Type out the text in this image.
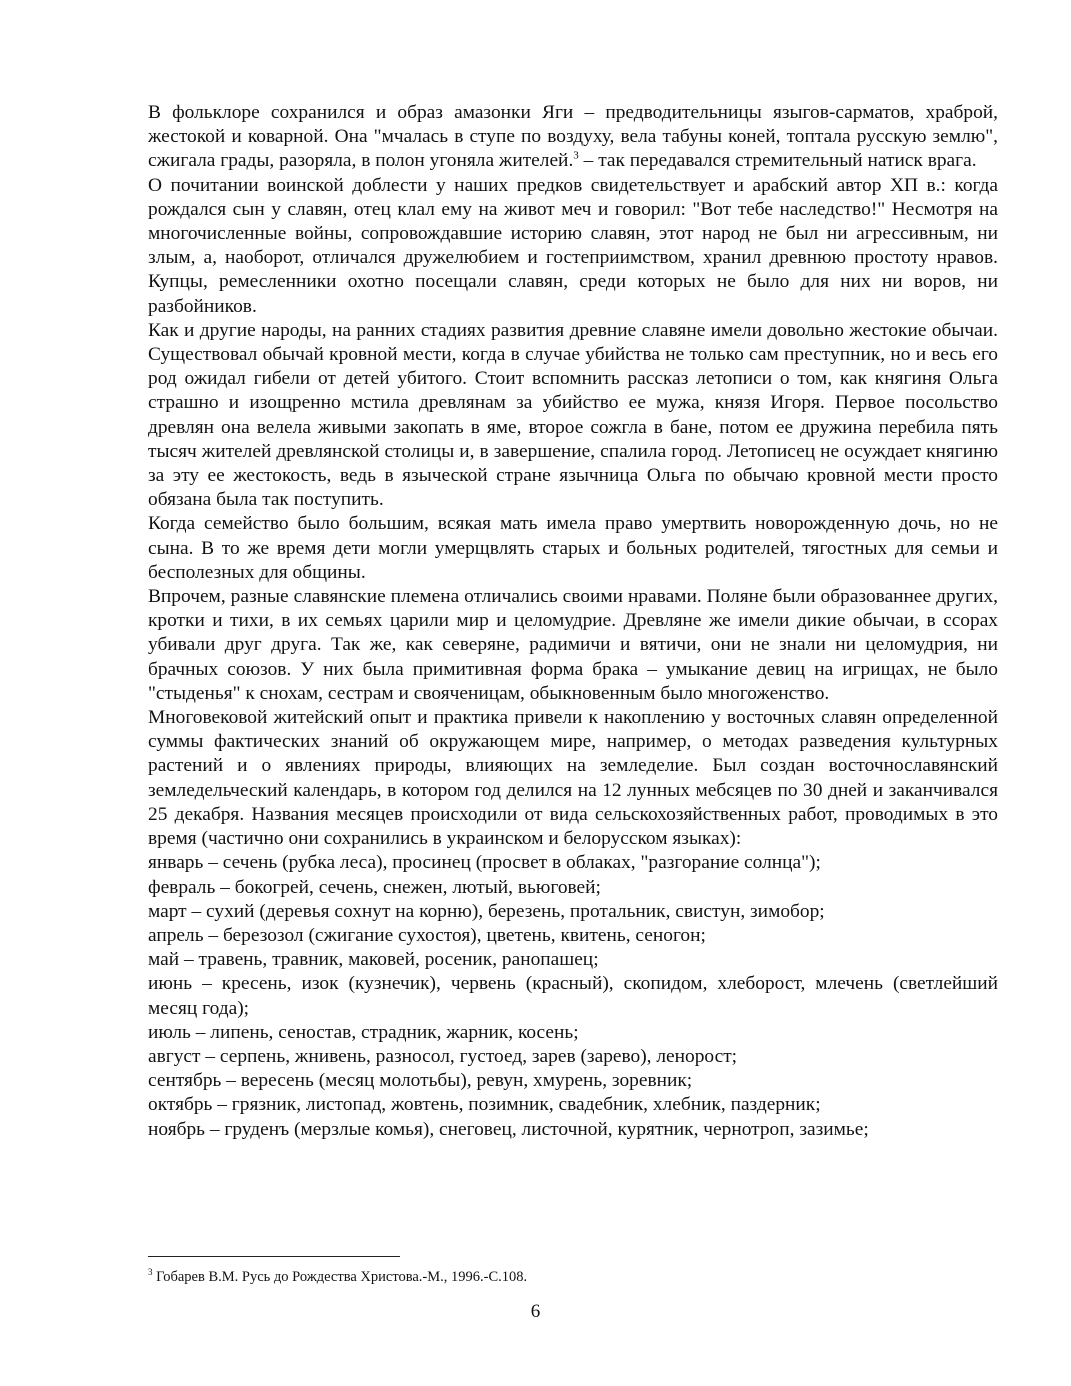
В фольклоре сохранился и образ амазонки Яги – предводительницы языгов-сарматов, храброй, жестокой и коварной. Она "мчалась в ступе по воздуху, вела табуны коней, топтала русскую землю", сжигала грады, разоряла, в полон угоняла жителей.$^3$ – так передавался стремительный натиск врага.

О почитании воинской доблести у наших предков свидетельствует и арабский автор ХП в.: когда рождался сын у славян, отец клал ему на живот меч и говорил: "Вот тебе наследство!" Несмотря на многочисленные войны, сопровождавшие историю славян, этот народ не был ни агрессивным, ни злым, а, наоборот, отличался дружелюбием и гостеприимством, хранил древнюю простоту нравов. Купцы, ремесленники охотно посещали славян, среди которых не было для них ни воров, ни разбойников.

Как и другие народы, на ранних стадиях развития древние славяне имели довольно жестокие обычаи. Существовал обычай кровной мести, когда в случае убийства не только сам преступник, но и весь его род ожидал гибели от детей убитого. Стоит вспомнить рассказ летописи о том, как княгиня Ольга страшно и изощренно мстила древлянам за убийство ее мужа, князя Игоря. Первое посольство древлян она велела живыми закопать в яме, второе сожгла в бане, потом ее дружина перебила пять тысяч жителей древлянской столицы и, в завершение, спалила город. Летописец не осуждает княгиню за эту ее жестокость, ведь в языческой стране язычница Ольга по обычаю кровной мести просто обязана была так поступить.

Когда семейство было большим, всякая мать имела право умертвить новорожденную дочь, но не сына. В то же время дети могли умерщвлять старых и больных родителей, тягостных для семьи и бесполезных для общины.

Впрочем, разные славянские племена отличались своими нравами. Поляне были образованнее других, кротки и тихи, в их семьях царили мир и целомудрие. Древляне же имели дикие обычаи, в ссорах убивали друг друга. Так же, как северяне, радимичи и вятичи, они не знали ни целомудрия, ни брачных союзов. У них была примитивная форма брака – умыкание девиц на игрищах, не было "стыденья" к снохам, сестрам и свояченицам, обыкновенным было многоженство.

Многовековой житейский опыт и практика привели к накоплению у восточных славян определенной суммы фактических знаний об окружающем мире, например, о методах разведения культурных растений и о явлениях природы, влияющих на земледелие. Был создан восточнославянский земледельческий календарь, в котором год делился на 12 лунных мебсяцев по 30 дней и заканчивался 25 декабря. Названия месяцев происходили от вида сельскохозяйственных работ, проводимых в это время (частично они сохранились в украинском и белорусском языках):

январь – сечень (рубка леса), просинец (просвет в облаках, "разгорание солнца");

февраль – бокогрей, сечень, снежен, лютый, вьюговей;

март – сухий (деревья сохнут на корню), березень, протальник, свистун, зимобор;

апрель – березозол (сжигание сухостоя), цветень, квитень, сеногон;

май – травень, травник, маковей, росеник, ранопашец;

июнь – кресень, изок (кузнечик), червень (красный), скопидом, хлебopост, млечень (светлейший месяц года);

июль – липень, сеностав, страдник, жарник, косень;

август – серпень, жнивень, разносол, густоед, зарев (зарево), ленорост;

сентябрь – вересень (месяц молотьбы), ревун, хмурень, зоревник;

октябрь – грязник, листопад, жовтень, позимник, свадебник, хлебник, паздерник;

ноябрь – груденъ (мерзлые комья), снеговец, листочной, курятник, чернотроп, зазимье;

$^3$ Гобарев В.М. Русь до Рождества Христова.-М., 1996.-С.108.
6
